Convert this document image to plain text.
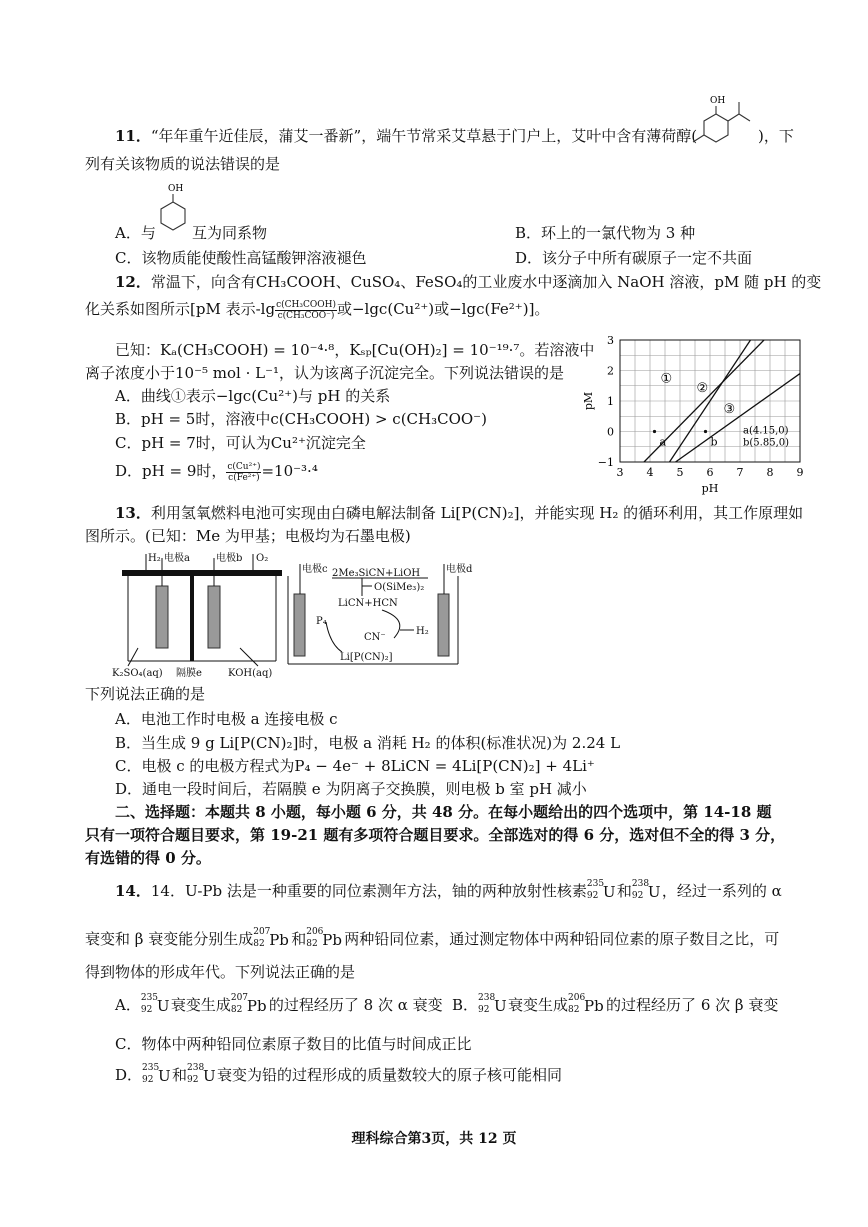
11．“年年重午近佳辰，蒲艾一番新”，端午节常采艾草悬于门户上，艾叶中含有薄荷醇(
OH
)，下
列有关该物质的说法错误的是
A．与
OH
互为同系物	B．环上的一氯代物为 3 种
C．该物质能使酸性高锰酸钾溶液褪色	D．该分子中所有碳原子一定不共面
12．常温下，向含有CH₃COOH、CuSO₄、FeSO₄的工业废水中逐滴加入 NaOH 溶液，pM 随 pH 的变
化关系如图所示[pM 表示$-\lg \frac{\text{c(CH₃COOH)}}{\text{c(CH₃COO⁻)}}$ 或−lgc(Cu²⁺)或−lgc(Fe²⁺)]。
已知：Kₐ(CH₃COOH) = 10⁻⁴·⁸，Kₛₚ[Cu(OH)₂] = 10⁻¹⁹·⁷。若溶液中
离子浓度小于10⁻⁵ mol · L⁻¹，认为该离子沉淀完全。下列说法错误的是
A．曲线①表示−lgc(Cu²⁺)与 pH 的关系
B．pH = 5时，溶液中c(CH₃COOH) > c(CH₃COO⁻)
C．pH = 7时，可认为Cu²⁺沉淀完全
D．pH = 9时， $\frac{\text{c(Cu²⁺)}}{\text{c(Fe²⁺)}} =10^{-3}\cdot^4$	3 4 5 6 7 8 9
−1
0
1
2
3
pH
pM
①
②
③
a	b
a(4.15,0)
b(5.85,0)
13．利用氢氧燃料电池可实现由白磷电解法制备 Li[P(CN)₂]，并能实现 H₂ 的循环利用，其工作原理如
图所示。(已知：Me 为甲基；电极均为石墨电极)
H₂ 电极a	电极b O₂
K₂SO₄(aq) 隔膜e	KOH(aq)
电极c	电极d
2Me₃SiCN+LiOH
O(SiMe₃)₂
LiCN+HCN
P₄
CN⁻
H₂
Li[P(CN)₂]
下列说法正确的是
A．电池工作时电极 a 连接电极 c
B．当生成 9 g Li[P(CN)₂]时，电极 a 消耗 H₂ 的体积(标准状况)为 2.24 L
C．电极 c 的电极方程式为P₄ − 4e⁻ + 8LiCN = 4Li[P(CN)₂] + 4Li⁺
D．通电一段时间后，若隔膜 e 为阴离子交换膜，则电极 b 室 pH 减小
二、选择题：本题共 8 小题，每小题 6 分，共 48 分。在每小题给出的四个选项中，第 14-18 题
只有一项符合题目要求，第 19-21 题有多项符合题目要求。全部选对的得 6 分，选对但不全的得 3 分，
有选错的得 0 分。
14．14．U-Pb 法是一种重要的同位素测年方法，铀的两种放射性核素 235
92 U 和 238
92 U ，经过一系列的 α
衰变和 β 衰变能分别生成 207
82 Pb 和 206
82 Pb 两种铅同位素，通过测定物体中两种铅同位素的原子数目之比，可
得到物体的形成年代。下列说法正确的是
A． 235
92 U 衰变生成 207
82 Pb 的过程经历了 8 次 α 衰变 B． 238
92 U 衰变生成 206
82 Pb 的过程经历了 6 次 β 衰变
C．物体中两种铅同位素原子数目的比值与时间成正比
D． 235
92 U 和 238
92 U 衰变为铅的过程形成的质量数较大的原子核可能相同
理科综合第3页，共 12 页
